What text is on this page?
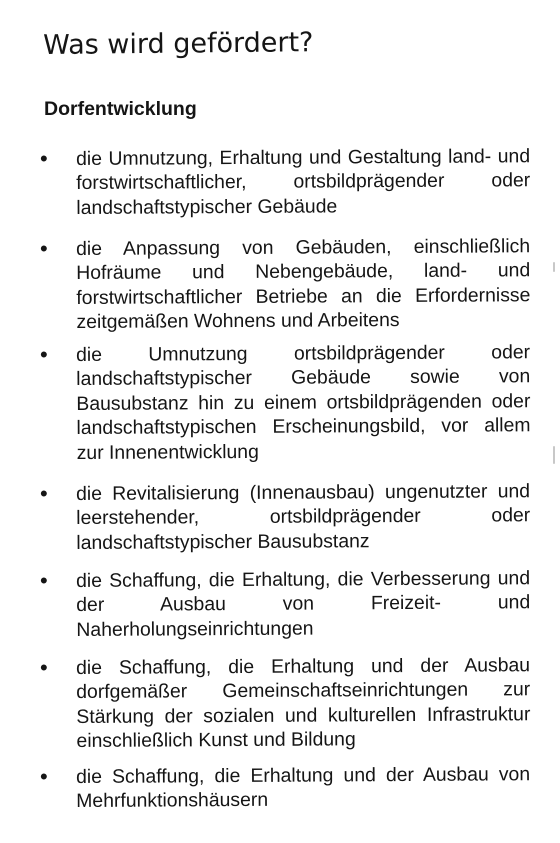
Was wird gefördert?
Dorfentwicklung
• die Umnutzung, Erhaltung und Gestaltung land- und forstwirtschaftlicher, ortsbildprägender oder landschaftstypischer Gebäude
• die Anpassung von Gebäuden, einschließlich Hofräume und Nebengebäude, land- und forstwirtschaftlicher Betriebe an die Erfordernisse zeitgemäßen Wohnens und Arbeitens
• die Umnutzung ortsbildprägender oder landschaftstypischer Gebäude sowie von Bausubstanz hin zu einem ortsbildprägenden oder landschaftstypischen Erscheinungsbild, vor allem zur Innenentwicklung
• die Revitalisierung (Innenausbau) ungenutzter und leerstehender, ortsbildprägender oder landschaftstypischer Bausubstanz
• die Schaffung, die Erhaltung, die Verbesserung und der Ausbau von Freizeit- und Naherholungseinrichtungen
• die Schaffung, die Erhaltung und der Ausbau dorfgemäßer Gemeinschaftseinrichtungen zur Stärkung der sozialen und kulturellen Infrastruktur einschließlich Kunst und Bildung
• die Schaffung, die Erhaltung und der Ausbau von Mehrfunktionshäusern
